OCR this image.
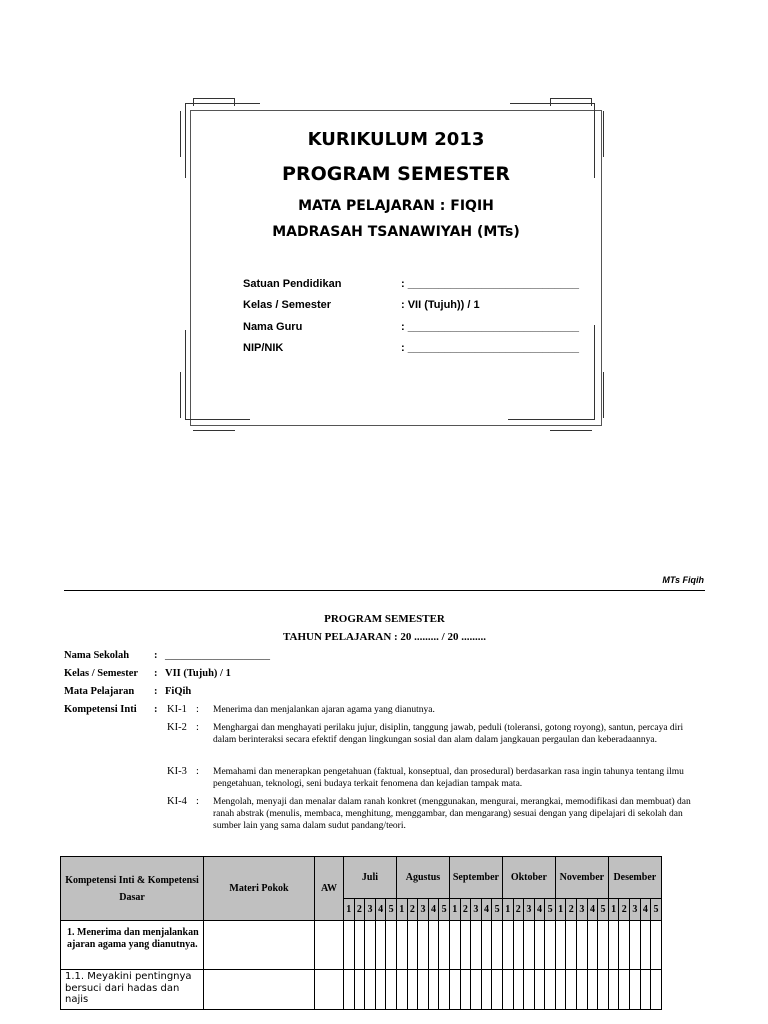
KURIKULUM 2013
PROGRAM SEMESTER
MATA PELAJARAN : FIQIH
MADRASAH TSANAWIYAH (MTs)
Satuan Pendidikan	: ____________________________
Kelas / Semester	: VII (Tujuh)) / 1
Nama Guru	: ____________________________
NIP/NIK	: ____________________________
MTs Fiqih
PROGRAM SEMESTER
TAHUN PELAJARAN : 20 ......... / 20 .........
Nama Sekolah : ____________________
Kelas / Semester : VII (Tujuh) / 1
Mata Pelajaran : FiQih
Kompetensi Inti : KI-1 : Menerima dan menjalankan ajaran agama yang dianutnya.
KI-2 : Menghargai dan menghayati perilaku jujur, disiplin, tanggung jawab, peduli (toleransi, gotong royong), santun, percaya diri dalam berinteraksi secara efektif dengan lingkungan sosial dan alam dalam jangkauan pergaulan dan keberadaannya.
KI-3 : Memahami dan menerapkan pengetahuan (faktual, konseptual, dan prosedural) berdasarkan rasa ingin tahunya tentang ilmu pengetahuan, teknologi, seni budaya terkait fenomena dan kejadian tampak mata.
KI-4 : Mengolah, menyaji dan menalar dalam ranah konkret (menggunakan, mengurai, merangkai, memodifikasi dan membuat) dan ranah abstrak (menulis, membaca, menghitung, menggambar, dan mengarang) sesuai dengan yang dipelajari di sekolah dan sumber lain yang sama dalam sudut pandang/teori.
Kompetensi Inti & Kompetensi Dasar	Materi Pokok	AW	Juli					Agustus					September					Oktober					November					Desember				
			1	2	3	4	5	1	2	3	4	5	1	2	3	4	5	1	2	3	4	5	1	2	3	4	5	1	2	3	4	5
1. Menerima dan menjalankan ajaran agama yang dianutnya.																																
1.1. Meyakini pentingnya bersuci dari hadas dan najis																																
